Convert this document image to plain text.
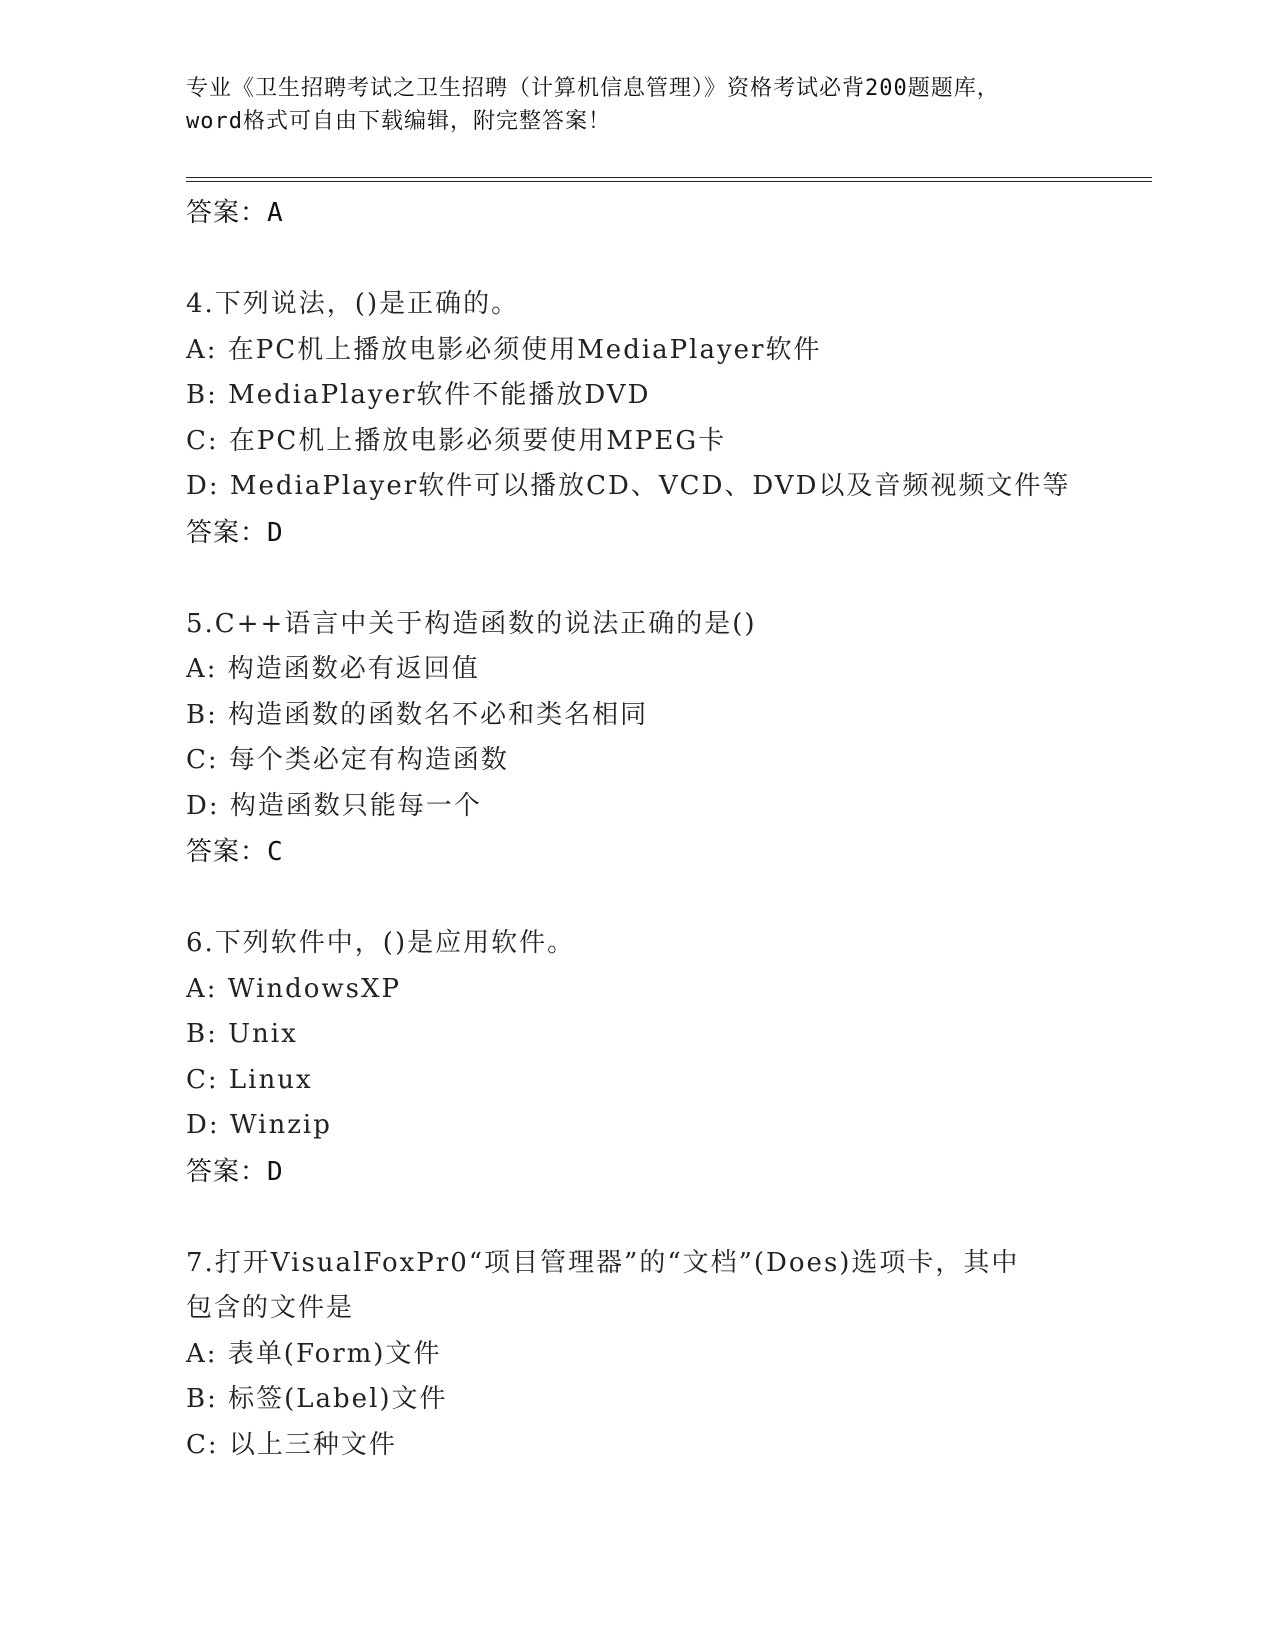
专业《卫生招聘考试之卫生招聘（计算机信息管理）》资格考试必背200题题库，
word格式可自由下载编辑，附完整答案！
答案：A
4.下列说法，()是正确的。
A: 在PC机上播放电影必须使用MediaPlayer软件
B: MediaPlayer软件不能播放DVD
C: 在PC机上播放电影必须要使用MPEG卡
D: MediaPlayer软件可以播放CD、VCD、DVD以及音频视频文件等
答案：D
5.C++语言中关于构造函数的说法正确的是()
A: 构造函数必有返回值
B: 构造函数的函数名不必和类名相同
C: 每个类必定有构造函数
D: 构造函数只能每一个
答案：C
6.下列软件中，()是应用软件。
A: WindowsXP
B: Unix
C: Linux
D: Winzip
答案：D
7.打开VisualFoxPr0“项目管理器”的“文档”(Does)选项卡，其中
包含的文件是
A: 表单(Form)文件
B: 标签(Label)文件
C: 以上三种文件
